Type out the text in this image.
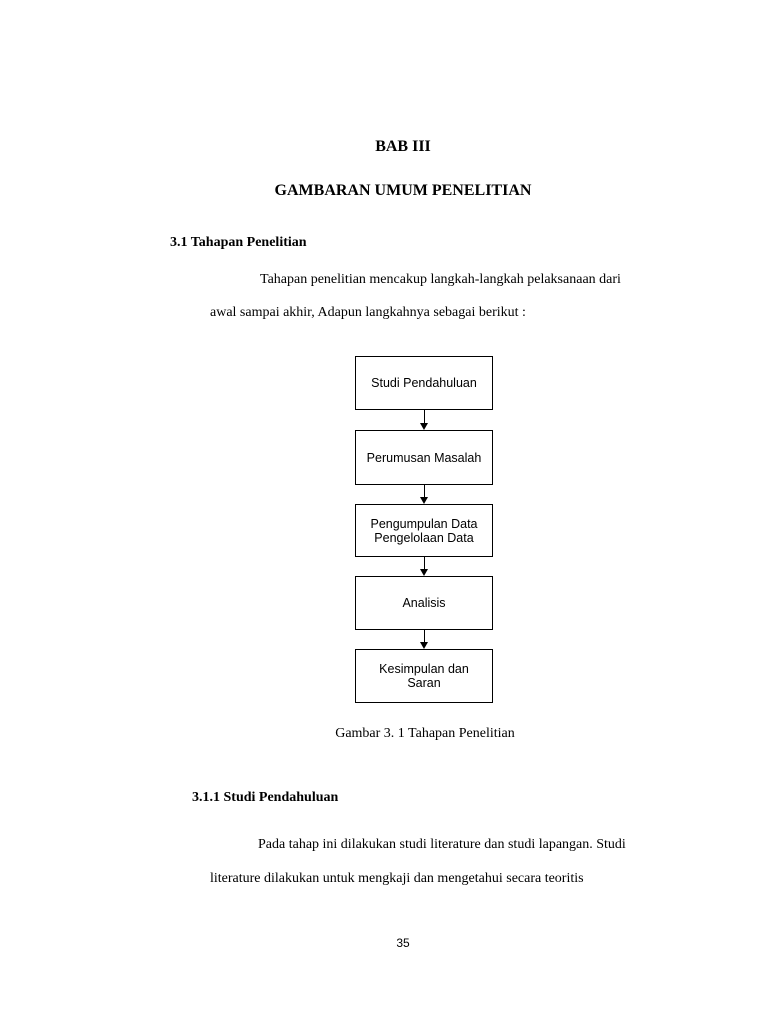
BAB III
GAMBARAN UMUM PENELITIAN
3.1 Tahapan Penelitian
Tahapan penelitian mencakup langkah-langkah pelaksanaan dari
awal sampai akhir, Adapun langkahnya sebagai berikut :
Studi Pendahuluan
Perumusan Masalah
Pengumpulan Data
Pengelolaan Data
Analisis
Kesimpulan dan
Saran
Gambar 3. 1 Tahapan Penelitian
3.1.1 Studi Pendahuluan
Pada tahap ini dilakukan studi literature dan studi lapangan. Studi
literature dilakukan untuk mengkaji dan mengetahui secara teoritis
35
